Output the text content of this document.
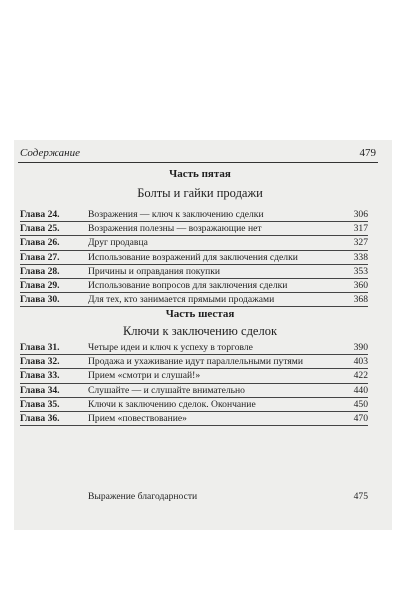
Содержание	479
Часть пятая
Болты и гайки продажи
Глава 24.	Возражения — ключ к заключению сделки	306
Глава 25.	Возражения полезны — возражающие нет	317
Глава 26.	Друг продавца	327
Глава 27.	Использование возражений для заключения сделки	338
Глава 28.	Причины и оправдания покупки	353
Глава 29.	Использование вопросов для заключения сделки	360
Глава 30.	Для тех, кто занимается прямыми продажами	368
Часть шестая
Ключи к заключению сделок
Глава 31.	Четыре идеи и ключ к успеху в торговле	390
Глава 32.	Продажа и ухаживание идут параллельными путями	403
Глава 33.	Прием «смотри и слушай!»	422
Глава 34.	Слушайте — и слушайте внимательно	440
Глава 35.	Ключи к заключению сделок. Окончание	450
Глава 36.	Прием «повествование»	470
Выражение благодарности	475
